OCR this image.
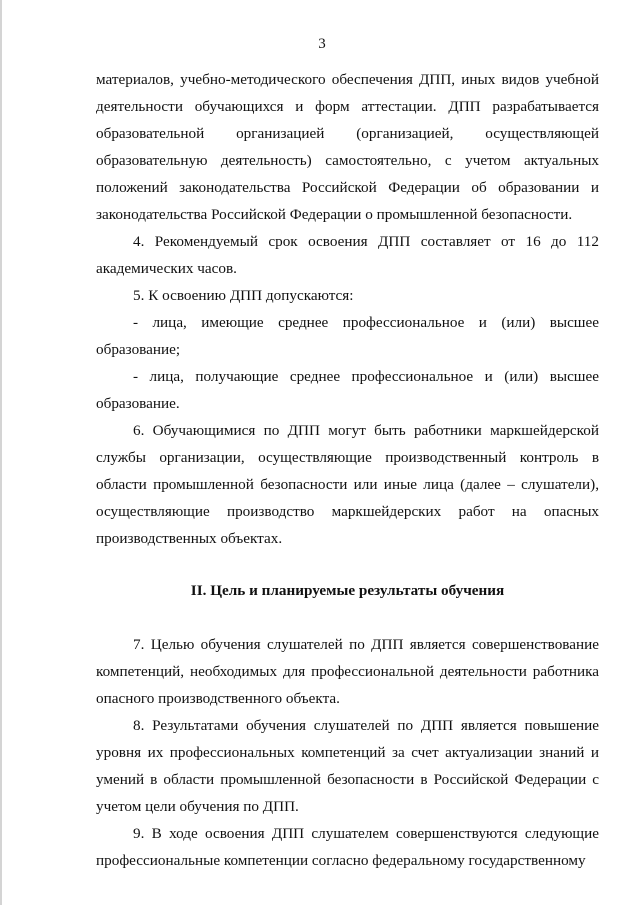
3

материалов, учебно-методического обеспечения ДПП, иных видов учебной деятельности обучающихся и форм аттестации. ДПП разрабатывается образовательной организацией (организацией, осуществляющей образовательную деятельность) самостоятельно, с учетом актуальных положений законодательства Российской Федерации об образовании и законодательства Российской Федерации о промышленной безопасности.

4. Рекомендуемый срок освоения ДПП составляет от 16 до 112 академических часов.

5. К освоению ДПП допускаются:

- лица, имеющие среднее профессиональное и (или) высшее образование;

- лица, получающие среднее профессиональное и (или) высшее образование.

6. Обучающимися по ДПП могут быть работники маркшейдерской службы организации, осуществляющие производственный контроль в области промышленной безопасности или иные лица (далее – слушатели), осуществляющие производство маркшейдерских работ на опасных производственных объектах.

II. Цель и планируемые результаты обучения

7. Целью обучения слушателей по ДПП является совершенствование компетенций, необходимых для профессиональной деятельности работника опасного производственного объекта.

8. Результатами обучения слушателей по ДПП является повышение уровня их профессиональных компетенций за счет актуализации знаний и умений в области промышленной безопасности в Российской Федерации с учетом цели обучения по ДПП.

9. В ходе освоения ДПП слушателем совершенствуются следующие профессиональные компетенции согласно федеральному государственному
